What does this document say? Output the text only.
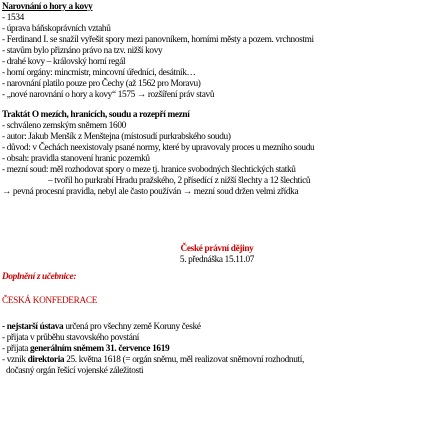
Narovnání o hory a kovy
- 1534
- úprava báňskoprávních vztahů
- Ferdinand I. se snažil vyřešit spory mezi panovníkem, horními městy a pozem. vrchnostmi
- stavům bylo přiznáno právo na tzv. nižší kovy
- drahé kovy – královský horní regál
- horní orgány: mincmistr, mincovní úředníci, desátník…
- narovnání platilo pouze pro Čechy (až 1562 pro Moravu)
- „nové narovnání o hory a kovy“ 1575 → rozšíření práv stavů
Traktát O mezích, hranicích, soudu a rozepří mezní
- schváleno zemským sněmem 1600
- autor: Jakub Menšík z Menštejna (místosudí purkrabského soudu)
- důvod: v Čechách neexistovaly psané normy, které by upravovaly proces u mezního soudu
- obsah: pravidla stanovení hranic pozemků
- mezní soud: měl rozhodovat spory o meze tj. hranice svobodných šlechtických statků
– tvořil ho purkrabí Hradu pražského, 2 přísedící z nižší šlechty a 12 šlechticů
→ pevná procesní pravidla, nebyl ale často používán → mezní soud držen velmi zřídka
České právní dějiny
5. přednáška 15.11.07
Doplnění z učebnice:
ČESKÁ KONFEDERACE
- nejstarší ústava určená pro všechny země Koruny české
- přijata v průběhu stavovského povstání
- přijata generálním sněmem 31. července 1619
- vznik direktoria 25. května 1618 (= orgán sněmu, měl realizovat sněmovní rozhodnutí,
dočasný orgán řešící vojenské záležitosti
